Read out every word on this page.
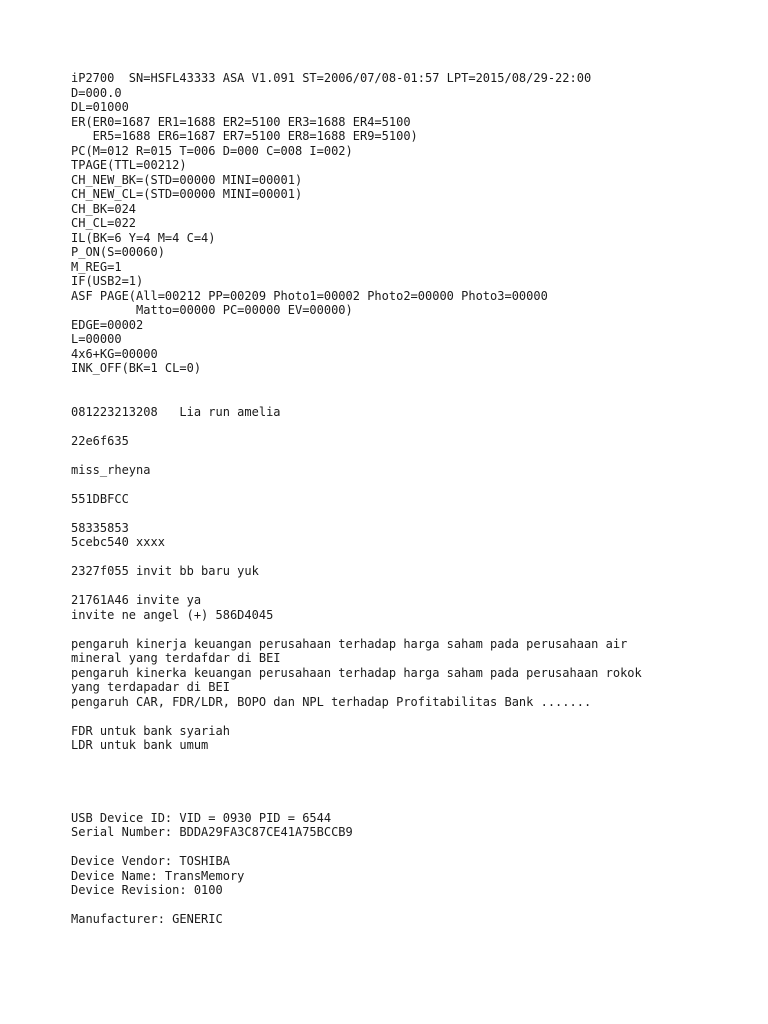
iP2700  SN=HSFL43333 ASA V1.091 ST=2006/07/08-01:57 LPT=2015/08/29-22:00
D=000.0
DL=01000
ER(ER0=1687 ER1=1688 ER2=5100 ER3=1688 ER4=5100
ER5=1688 ER6=1687 ER7=5100 ER8=1688 ER9=5100)
PC(M=012 R=015 T=006 D=000 C=008 I=002)
TPAGE(TTL=00212)
CH_NEW_BK=(STD=00000 MINI=00001)
CH_NEW_CL=(STD=00000 MINI=00001)
CH_BK=024
CH_CL=022
IL(BK=6 Y=4 M=4 C=4)
P_ON(S=00060)
M_REG=1
IF(USB2=1)
ASF PAGE(All=00212 PP=00209 Photo1=00002 Photo2=00000 Photo3=00000
Matto=00000 PC=00000 EV=00000)
EDGE=00002
L=00000
4x6+KG=00000
INK_OFF(BK=1 CL=0)
081223213208   Lia run amelia
22e6f635
miss_rheyna
551DBFCC
58335853
5cebc540 xxxx
2327f055 invit bb baru yuk
21761A46 invite ya
invite ne angel (+) 586D4045
pengaruh kinerja keuangan perusahaan terhadap harga saham pada perusahaan air
mineral yang terdafdar di BEI
pengaruh kinerka keuangan perusahaan terhadap harga saham pada perusahaan rokok
yang terdapadar di BEI
pengaruh CAR, FDR/LDR, BOPO dan NPL terhadap Profitabilitas Bank .......
FDR untuk bank syariah
LDR untuk bank umum
USB Device ID: VID = 0930 PID = 6544
Serial Number: BDDA29FA3C87CE41A75BCCB9
Device Vendor: TOSHIBA
Device Name: TransMemory
Device Revision: 0100
Manufacturer: GENERIC
